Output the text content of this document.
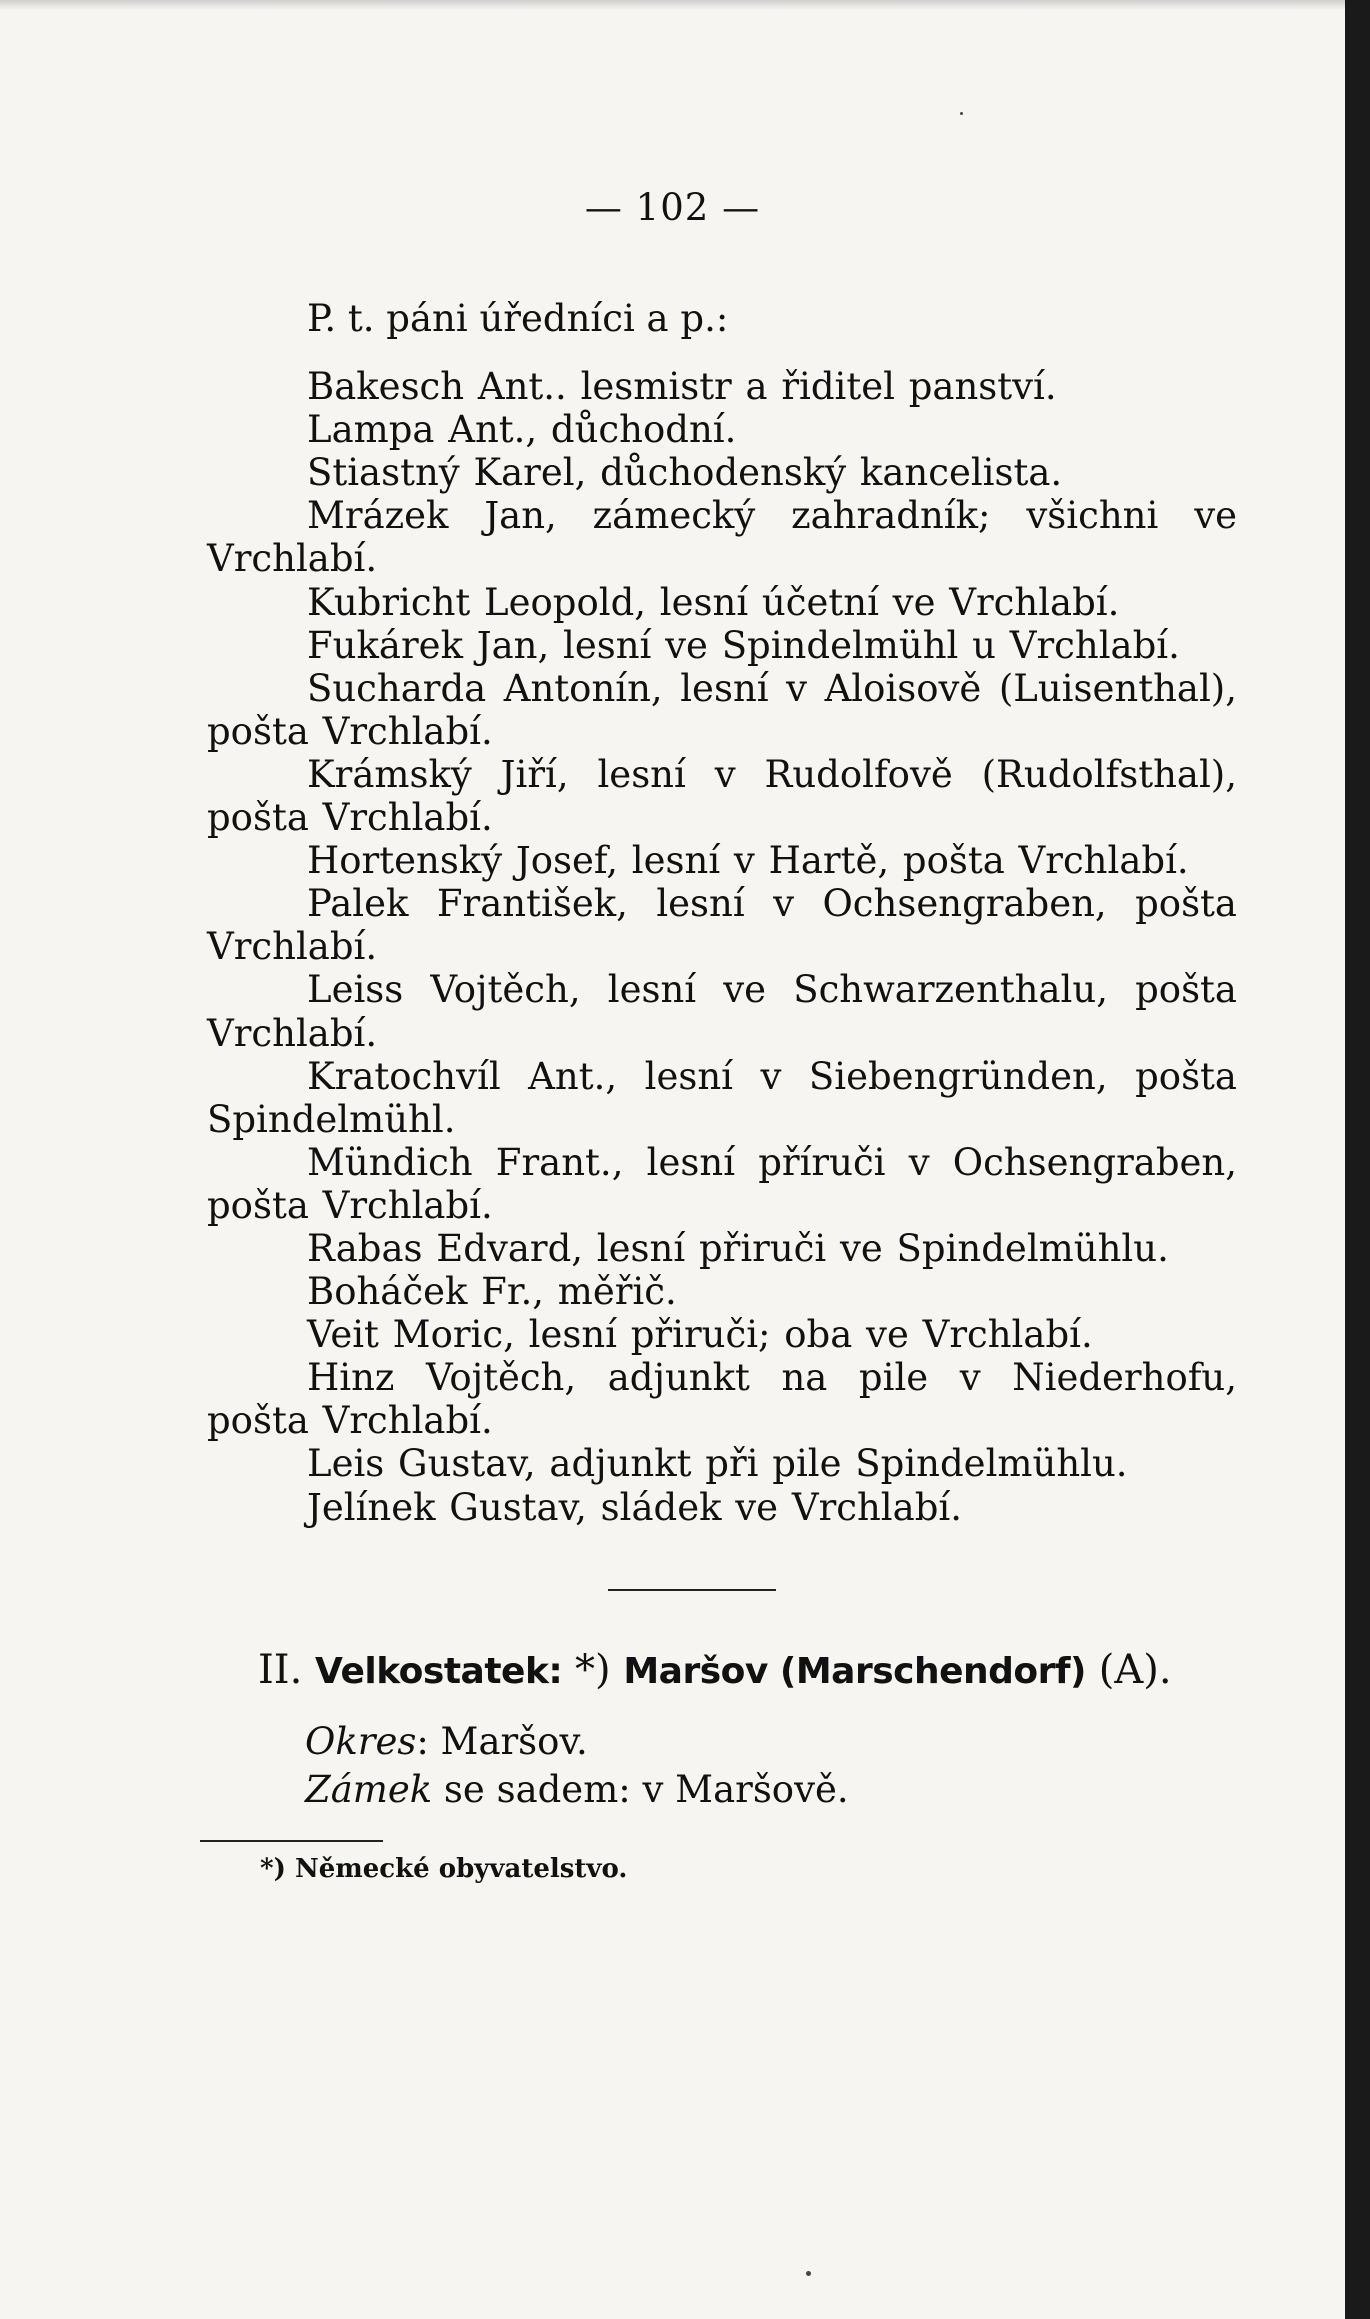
— 102 —
P. t. páni úředníci a p.:
Bakesch Ant.. lesmistr a řiditel panství.
Lampa Ant., důchodní.
Stiastný Karel, důchodenský kancelista.
Mrázek Jan, zámecký zahradník; všichni ve Vrchlabí.
Kubricht Leopold, lesní účetní ve Vrchlabí.
Fukárek Jan, lesní ve Spindelmühl u Vrchlabí.
Sucharda Antonín, lesní v Aloisově (Luisenthal), pošta Vrchlabí.
Krámský Jiří, lesní v Rudolfově (Rudolfsthal), pošta Vrchlabí.
Hortenský Josef, lesní v Hartě, pošta Vrchlabí.
Palek František, lesní v Ochsengraben, pošta Vrchlabí.
Leiss Vojtěch, lesní ve Schwarzenthalu, pošta Vrchlabí.
Kratochvíl Ant., lesní v Siebengründen, pošta Spindelmühl.
Mündich Frant., lesní příruči v Ochsengraben, pošta Vrchlabí.
Rabas Edvard, lesní přiruči ve Spindelmühlu.
Boháček Fr., měřič.
Veit Moric, lesní přiruči; oba ve Vrchlabí.
Hinz Vojtěch, adjunkt na pile v Niederhofu, pošta Vrchlabí.
Leis Gustav, adjunkt při pile Spindelmühlu.
Jelínek Gustav, sládek ve Vrchlabí.
II. Velkostatek: *) Maršov (Marschendorf) (A).
Okres: Maršov.
Zámek se sadem: v Maršově.
*) Německé obyvatelstvo.
